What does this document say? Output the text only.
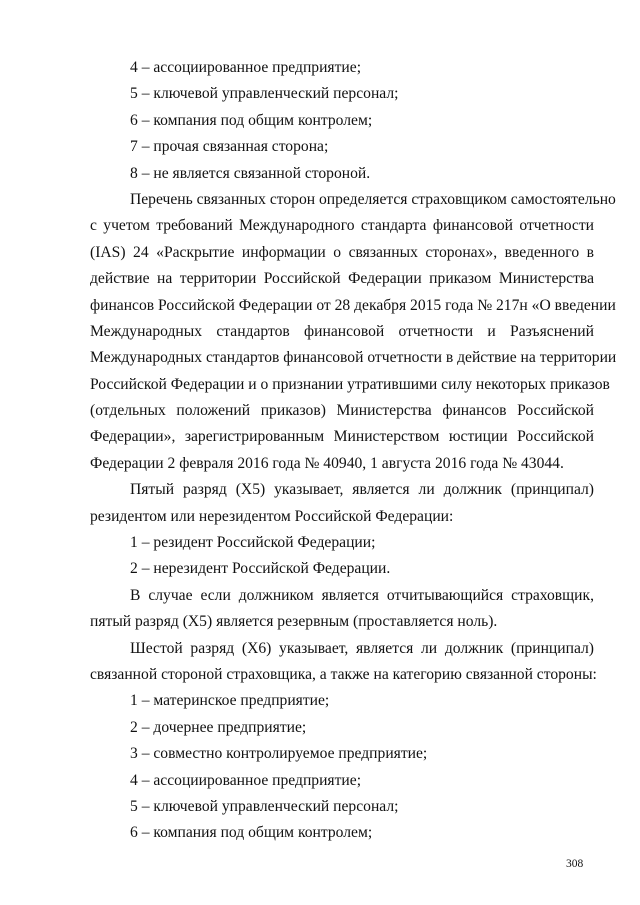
4 – ассоциированное предприятие;
5 – ключевой управленческий персонал;
6 – компания под общим контролем;
7 – прочая связанная сторона;
8 – не является связанной стороной.
Перечень связанных сторон определяется страховщиком самостоятельно
с учетом требований Международного стандарта финансовой отчетности
(IAS) 24 «Раскрытие информации о связанных сторонах», введенного в
действие на территории Российской Федерации приказом Министерства
финансов Российской Федерации от 28 декабря 2015 года № 217н «О введении
Международных стандартов финансовой отчетности и Разъяснений
Международных стандартов финансовой отчетности в действие на территории
Российской Федерации и о признании утратившими силу некоторых приказов
(отдельных положений приказов) Министерства финансов Российской
Федерации», зарегистрированным Министерством юстиции Российской
Федерации 2 февраля 2016 года № 40940, 1 августа 2016 года № 43044.
Пятый разряд (Х5) указывает, является ли должник (принципал)
резидентом или нерезидентом Российской Федерации:
1 – резидент Российской Федерации;
2 – нерезидент Российской Федерации.
В случае если должником является отчитывающийся страховщик,
пятый разряд (Х5) является резервным (проставляется ноль).
Шестой разряд (Х6) указывает, является ли должник (принципал)
связанной стороной страховщика, а также на категорию связанной стороны:
1 – материнское предприятие;
2 – дочернее предприятие;
3 – совместно контролируемое предприятие;
4 – ассоциированное предприятие;
5 – ключевой управленческий персонал;
6 – компания под общим контролем;
308
